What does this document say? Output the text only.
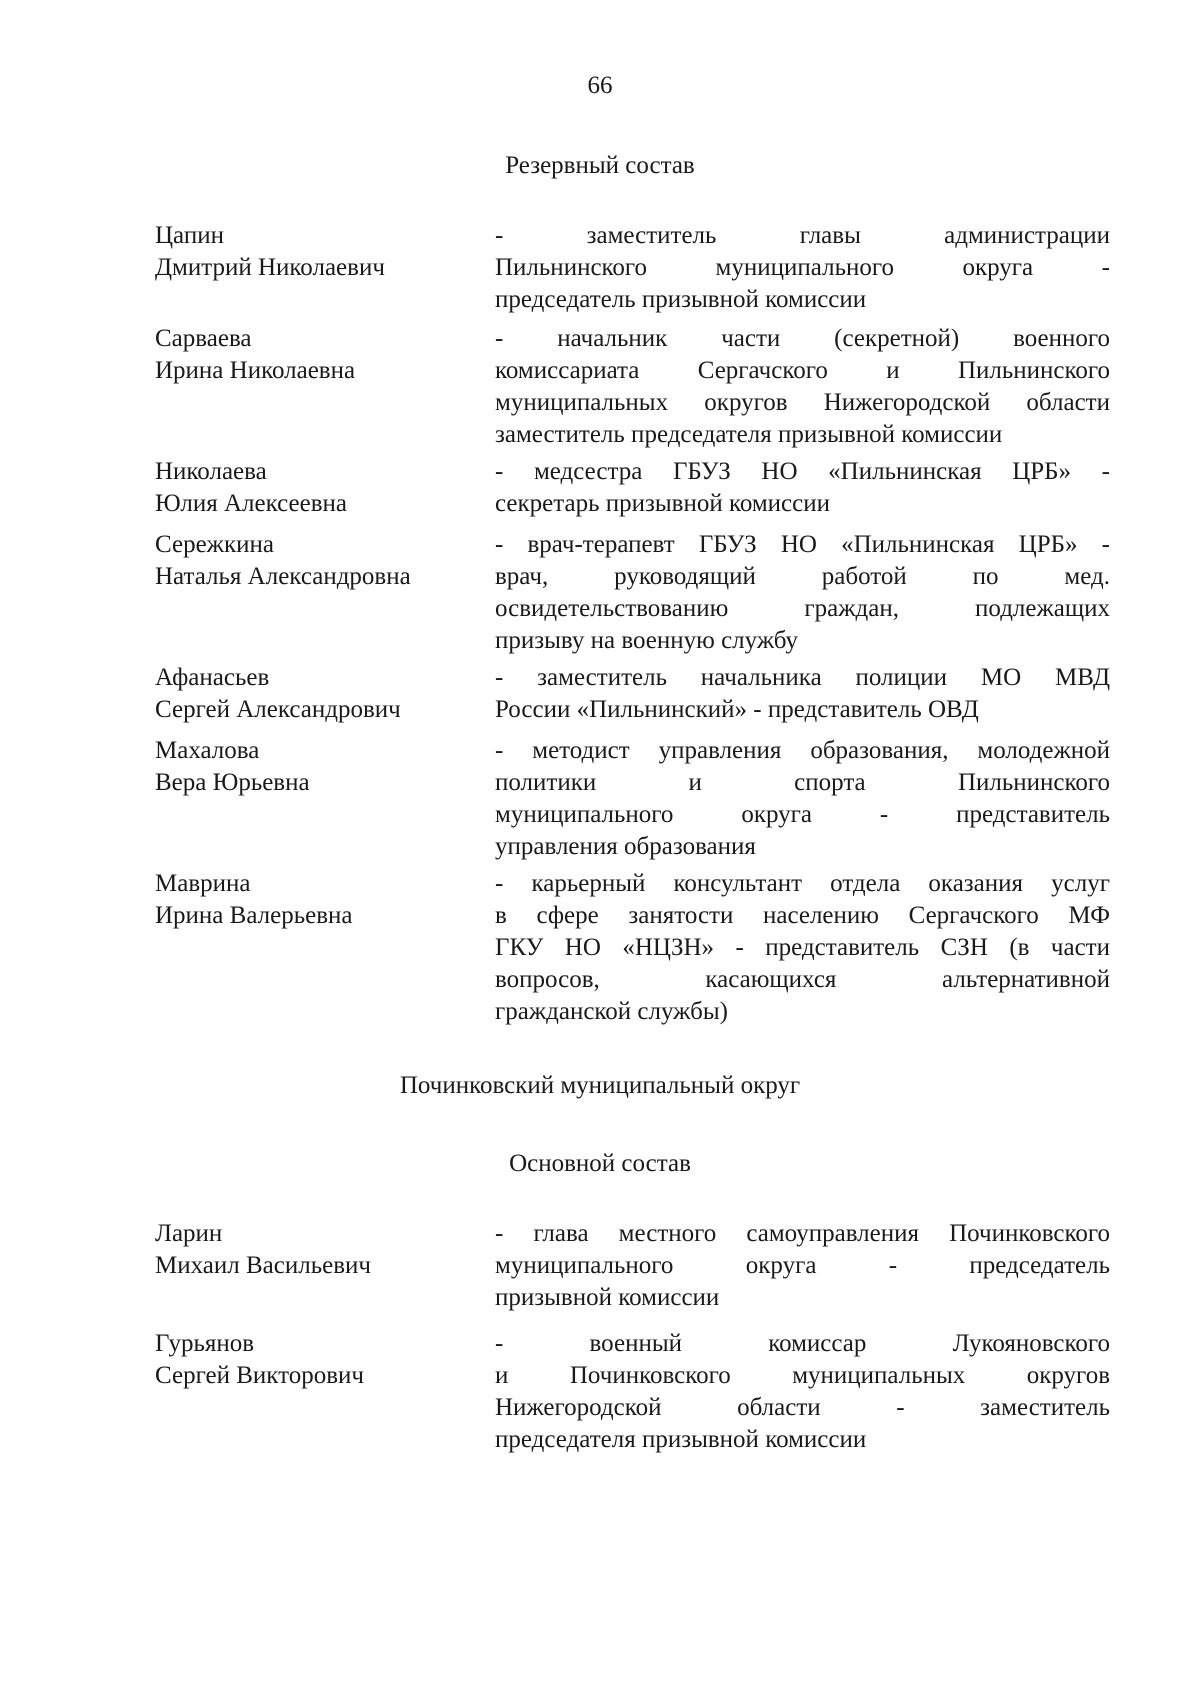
66
Резервный состав
Цапин
Дмитрий Николаевич
- заместитель главы администрации
Пильнинского муниципального округа -
председатель призывной комиссии
Сарваева
Ирина Николаевна
- начальник части (секретной) военного
комиссариата Сергачского и Пильнинского
муниципальных округов Нижегородской области
заместитель председателя призывной комиссии
Николаева
Юлия Алексеевна
- медсестра ГБУЗ НО «Пильнинская ЦРБ» -
секретарь призывной комиссии
Сережкина
Наталья Александровна
- врач-терапевт ГБУЗ НО «Пильнинская ЦРБ» -
врач, руководящий работой по мед.
освидетельствованию граждан, подлежащих
призыву на военную службу
Афанасьев
Сергей Александрович
- заместитель начальника полиции МО МВД
России «Пильнинский» - представитель ОВД
Махалова
Вера Юрьевна
- методист управления образования, молодежной
политики и спорта Пильнинского
муниципального округа - представитель
управления образования
Маврина
Ирина Валерьевна
- карьерный консультант отдела оказания услуг
в сфере занятости населению Сергачского МФ
ГКУ НО «НЦЗН» - представитель СЗН (в части
вопросов, касающихся альтернативной
гражданской службы)
Починковский муниципальный округ
Основной состав
Ларин
Михаил Васильевич
- глава местного самоуправления Починковского
муниципального округа - председатель
призывной комиссии
Гурьянов
Сергей Викторович
- военный комиссар Лукояновского
и Починковского муниципальных округов
Нижегородской области - заместитель
председателя призывной комиссии
